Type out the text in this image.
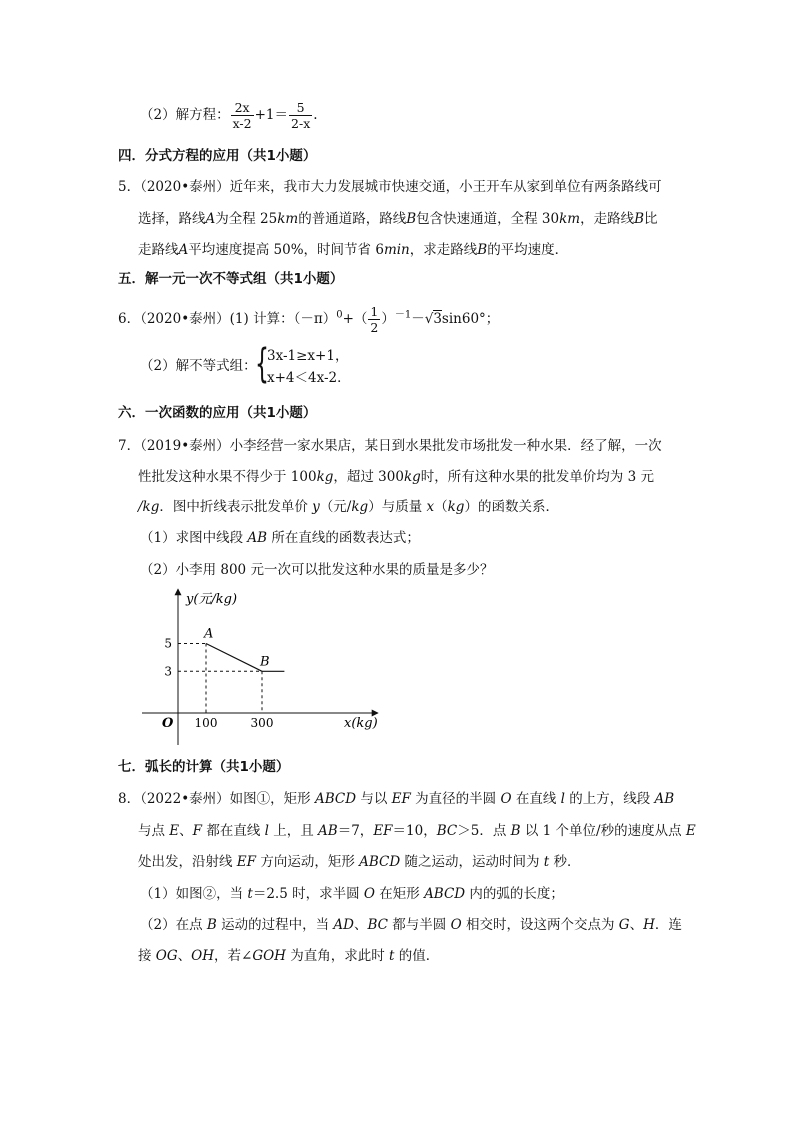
（2）解方程： $\frac{2x}{x-2} +1= \frac{5}{2-x}$ .
四．分式方程的应用（共1小题）
5．（2020•泰州）近年来，我市大力发展城市快速交通，小王开车从家到单位有两条路线可
选择，路线A为全程 25km的普通道路，路线B包含快速通道，全程 30km，走路线B比
走路线A平均速度提高 50%，时间节省 6min，求走路线B的平均速度．
五．解一元一次不等式组（共1小题）
6．（2020•泰州）(1) 计算：$(-\pi)^0+( \frac{1}{2} )^{-1}-√3\sin 60^\circ$；
（2）解不等式组：
{
3x-1≥x+1，
x+4＜4x-2．
六．一次函数的应用（共1小题）
7．（2019•泰州）小李经营一家水果店，某日到水果批发市场批发一种水果．经了解，一次
性批发这种水果不得少于 100kg，超过 300kg时，所有这种水果的批发单价均为 3 元
/kg．图中折线表示批发单价 y（元/kg）与质量 x（kg）的函数关系．
（1）求图中线段 AB 所在直线的函数表达式；
（2）小李用 800 元一次可以批发这种水果的质量是多少？
y(元/kg)
x(kg)
O
A
B
100	300
5
3
七．弧长的计算（共1小题）
8．（2022•泰州）如图①，矩形 ABCD 与以 EF 为直径的半圆 O 在直线 l 的上方，线段 AB
与点 E、F 都在直线 l 上，且 AB＝7，EF＝10，BC＞5．点 B 以 1 个单位/秒的速度从点 E
处出发，沿射线 EF 方向运动，矩形 ABCD 随之运动，运动时间为 t 秒．
（1）如图②，当 t＝2.5 时，求半圆 O 在矩形 ABCD 内的弧的长度；
（2）在点 B 运动的过程中，当 AD、BC 都与半圆 O 相交时，设这两个交点为 G、H．连
接 OG、OH，若∠GOH 为直角，求此时 t 的值．
